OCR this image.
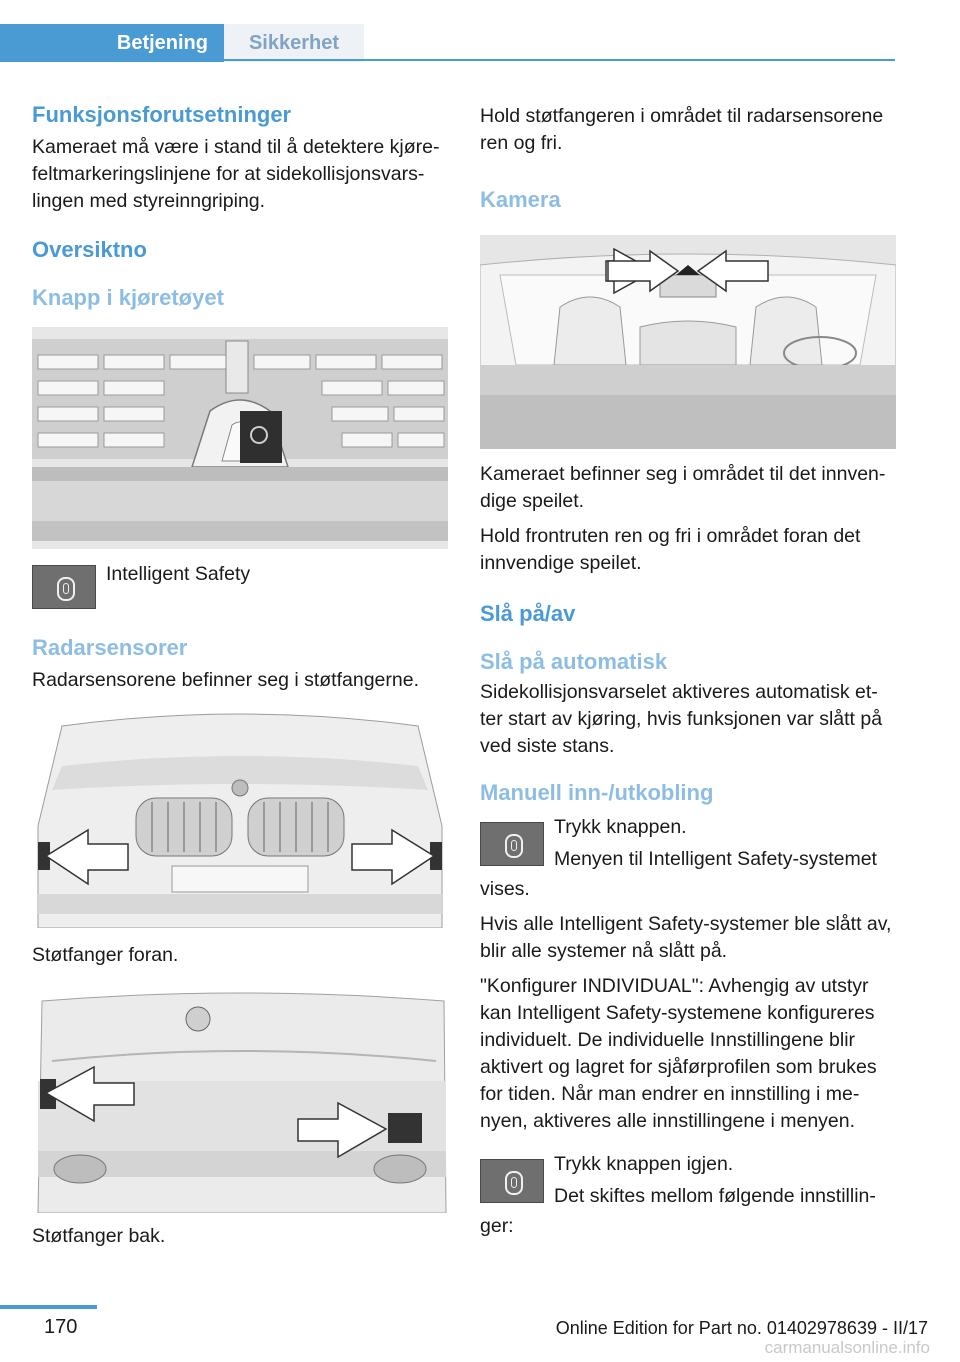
Betjening	Sikkerhet
Funksjonsforutsetninger

Kameraet må være i stand til å detektere kjøre-feltmarkeringslinjene for at sidekollisjonsvars-lingen med styreinngriping.

Oversiktno
Knapp i kjøretøyet
Intelligent Safety
Radarsensorer

Radarsensorene befinner seg i støtfangerne.

Støtfanger foran.

Støtfanger bak.

Hold støtfangeren i området til radarsensorene ren og fri.

Kamera

Kameraet befinner seg i området til det innven-dige speilet.

Hold frontruten ren og fri i området foran det innvendige speilet.

Slå på/av
Slå på automatisk

Sidekollisjonsvarselet aktiveres automatisk et-ter start av kjøring, hvis funksjonen var slått på ved siste stans.

Manuell inn-/utkobling
Trykk knappen.
Menyen til Intelligent Safety-systemet

vises.

Hvis alle Intelligent Safety-systemer ble slått av, blir alle systemer nå slått på.

"Konfigurer INDIVIDUAL": Avhengig av utstyr kan Intelligent Safety-systemene konfigureres individuelt. De individuelle Innstillingene blir aktivert og lagret for sjåførprofilen som brukes for tiden. Når man endrer en innstilling i me-nyen, aktiveres alle innstillingene i menyen.

Trykk knappen igjen.
Det skiftes mellom følgende innstillin-

ger:

170	Online Edition for Part no. 01402978639 - II/17
carmanualsonline.info
